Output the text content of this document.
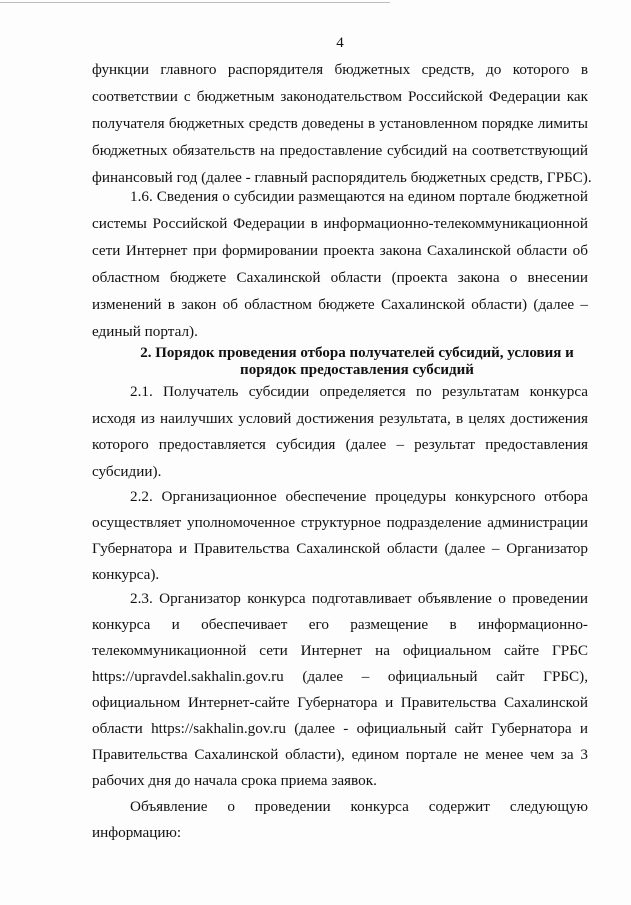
4
функции главного распорядителя бюджетных средств, до которого в
соответствии с бюджетным законодательством Российской Федерации как
получателя бюджетных средств доведены в установленном порядке лимиты
бюджетных обязательств на предоставление субсидий на соответствующий
финансовый год (далее - главный распорядитель бюджетных средств, ГРБС).
1.6. Сведения о субсидии размещаются на едином портале бюджетной
системы Российской Федерации в информационно-телекоммуникационной
сети Интернет при формировании проекта закона Сахалинской области об
областном бюджете Сахалинской области (проекта закона о внесении
изменений в закон об областном бюджете Сахалинской области) (далее –
единый портал).
2. Порядок проведения отбора получателей субсидий, условия и
порядок предоставления субсидий
2.1. Получатель субсидии определяется по результатам конкурса
исходя из наилучших условий достижения результата, в целях достижения
которого предоставляется субсидия (далее – результат предоставления
субсидии).
2.2. Организационное обеспечение процедуры конкурсного отбора
осуществляет уполномоченное структурное подразделение администрации
Губернатора и Правительства Сахалинской области (далее – Организатор
конкурса).
2.3. Организатор конкурса подготавливает объявление о проведении
конкурса и обеспечивает его размещение в информационно-
телекоммуникационной сети Интернет на официальном сайте ГРБС
https://upravdel.sakhalin.gov.ru (далее – официальный сайт ГРБС),
официальном Интернет-сайте Губернатора и Правительства Сахалинской
области https://sakhalin.gov.ru (далее - официальный сайт Губернатора и
Правительства Сахалинской области), едином портале не менее чем за 3
рабочих дня до начала срока приема заявок.
Объявление о проведении конкурса содержит следующую
информацию:
